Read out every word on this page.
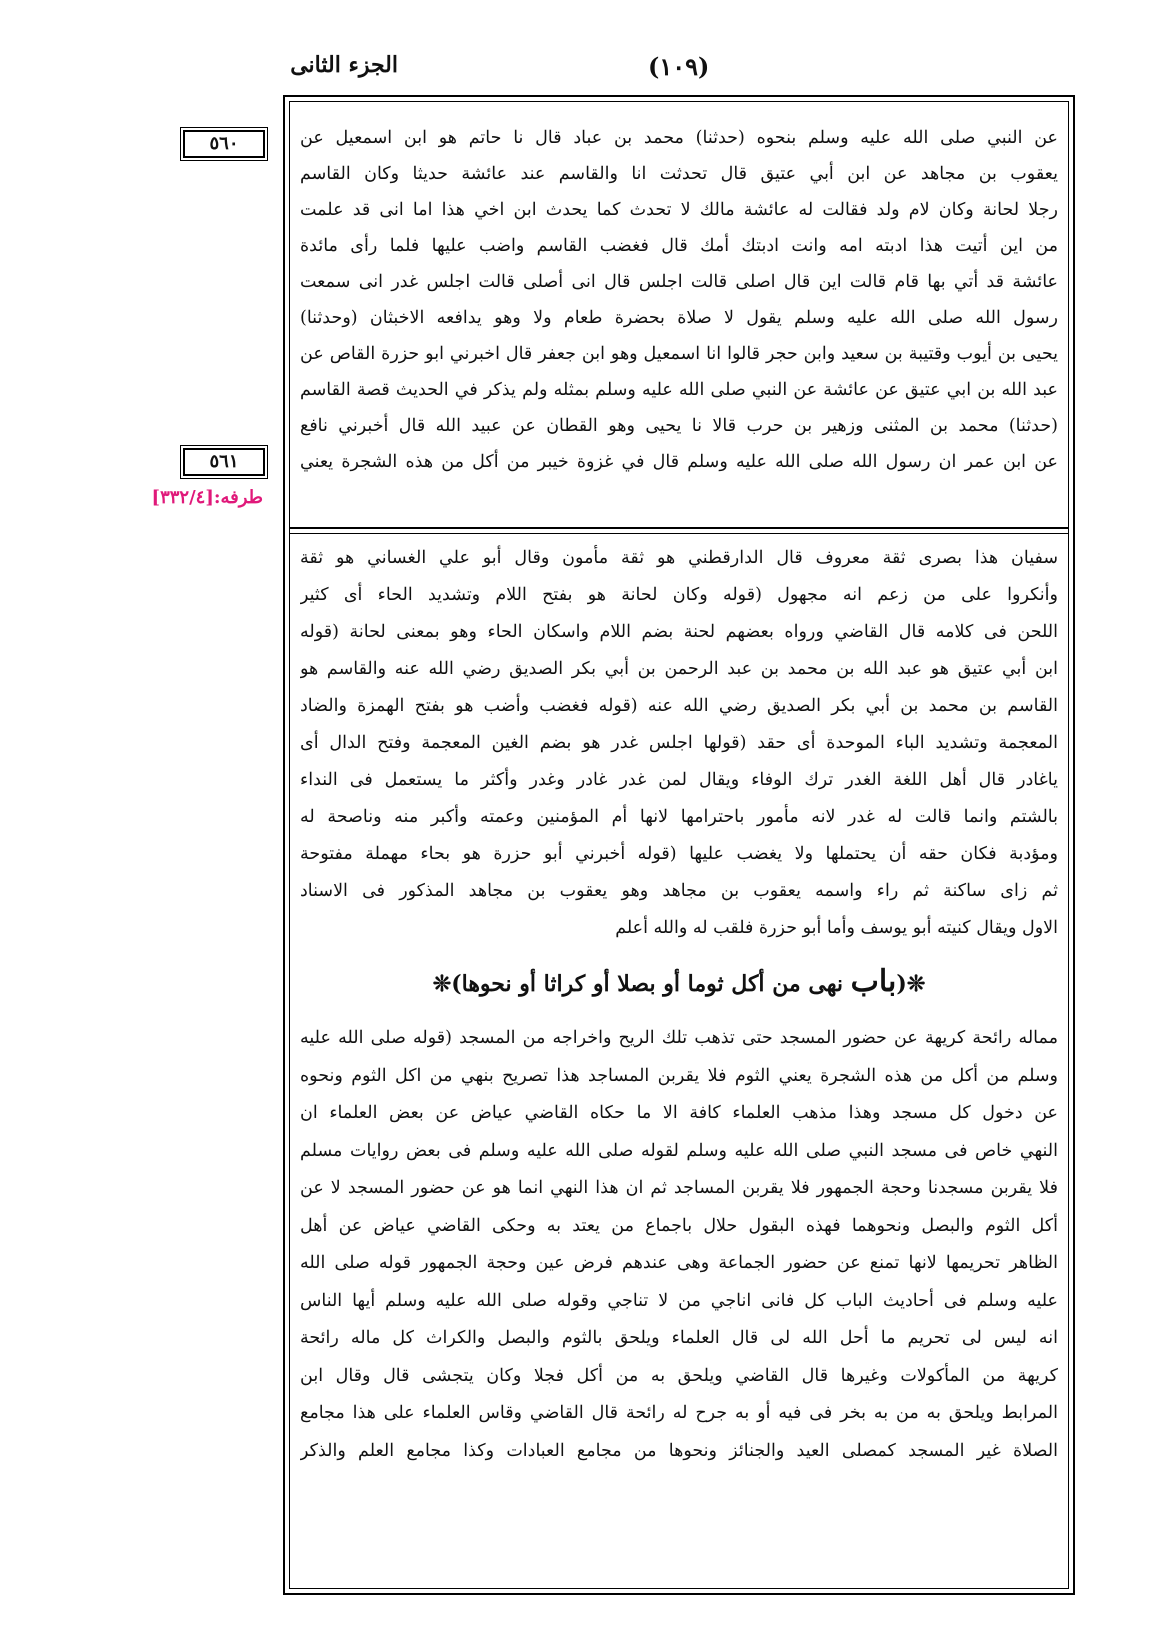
الجزء الثانى	(١٠٩)
٥٦٠
٥٦١
طرفه:[٣٣٢/٤]

عن النبي صلى الله عليه وسلم بنحوه (حدثنا) محمد بن عباد قال نا حاتم هو ابن اسمعيل عن

يعقوب بن مجاهد عن ابن أبي عتيق قال تحدثت انا والقاسم عند عائشة حديثا وكان القاسم

رجلا لحانة وكان لام ولد فقالت له عائشة مالك لا تحدث كما يحدث ابن اخي هذا اما انى قد علمت

من اين أتيت هذا ادبته امه وانت ادبتك أمك قال فغضب القاسم واضب عليها فلما رأى مائدة

عائشة قد أتي بها قام قالت اين قال اصلى قالت اجلس قال انى أصلى قالت اجلس غدر انى سمعت

رسول الله صلى الله عليه وسلم يقول لا صلاة بحضرة طعام ولا وهو يدافعه الاخبثان (وحدثنا)

يحيى بن أيوب وقتيبة بن سعيد وابن حجر قالوا انا اسمعيل وهو ابن جعفر قال اخبرني ابو حزرة القاص عن

عبد الله بن ابي عتيق عن عائشة عن النبي صلى الله عليه وسلم بمثله ولم يذكر في الحديث قصة القاسم

(حدثنا) محمد بن المثنى وزهير بن حرب قالا نا يحيى وهو القطان عن عبيد الله قال أخبرني نافع

عن ابن عمر ان رسول الله صلى الله عليه وسلم قال في غزوة خيبر من أكل من هذه الشجرة يعني

سفيان هذا بصرى ثقة معروف قال الدارقطني هو ثقة مأمون وقال أبو علي الغساني هو ثقة

وأنكروا على من زعم انه مجهول (قوله وكان لحانة هو بفتح اللام وتشديد الحاء أى كثير

اللحن فى كلامه قال القاضي ورواه بعضهم لحنة بضم اللام واسكان الحاء وهو بمعنى لحانة (قوله

ابن أبي عتيق هو عبد الله بن محمد بن عبد الرحمن بن أبي بكر الصديق رضي الله عنه والقاسم هو

القاسم بن محمد بن أبي بكر الصديق رضي الله عنه (قوله فغضب وأضب هو بفتح الهمزة والضاد

المعجمة وتشديد الباء الموحدة أى حقد (قولها اجلس غدر هو بضم الغين المعجمة وفتح الدال أى

ياغادر قال أهل اللغة الغدر ترك الوفاء ويقال لمن غدر غادر وغدر وأكثر ما يستعمل فى النداء

بالشتم وانما قالت له غدر لانه مأمور باحترامها لانها أم المؤمنين وعمته وأكبر منه وناصحة له

ومؤدبة فكان حقه أن يحتملها ولا يغضب عليها (قوله أخبرني أبو حزرة هو بحاء مهملة مفتوحة

ثم زاى ساكنة ثم راء واسمه يعقوب بن مجاهد وهو يعقوب بن مجاهد المذكور فى الاسناد

الاول ويقال كنيته أبو يوسف وأما أبو حزرة فلقب له والله أعلم

❊(باب نهى من أكل ثوما أو بصلا أو كراثا أو نحوها)❊

مماله رائحة كريهة عن حضور المسجد حتى تذهب تلك الريح واخراجه من المسجد (قوله صلى الله عليه

وسلم من أكل من هذه الشجرة يعني الثوم فلا يقربن المساجد هذا تصريح بنهي من اكل الثوم ونحوه

عن دخول كل مسجد وهذا مذهب العلماء كافة الا ما حكاه القاضي عياض عن بعض العلماء ان

النهي خاص فى مسجد النبي صلى الله عليه وسلم لقوله صلى الله عليه وسلم فى بعض روايات مسلم

فلا يقربن مسجدنا وحجة الجمهور فلا يقربن المساجد ثم ان هذا النهي انما هو عن حضور المسجد لا عن

أكل الثوم والبصل ونحوهما فهذه البقول حلال باجماع من يعتد به وحكى القاضي عياض عن أهل

الظاهر تحريمها لانها تمنع عن حضور الجماعة وهى عندهم فرض عين وحجة الجمهور قوله صلى الله

عليه وسلم فى أحاديث الباب كل فانى اناجي من لا تناجي وقوله صلى الله عليه وسلم أيها الناس

انه ليس لى تحريم ما أحل الله لى قال العلماء ويلحق بالثوم والبصل والكراث كل ماله رائحة

كريهة من المأكولات وغيرها قال القاضي ويلحق به من أكل فجلا وكان يتجشى قال وقال ابن

المرابط ويلحق به من به بخر فى فيه أو به جرح له رائحة قال القاضي وقاس العلماء على هذا مجامع

الصلاة غير المسجد كمصلى العيد والجنائز ونحوها من مجامع العبادات وكذا مجامع العلم والذكر
